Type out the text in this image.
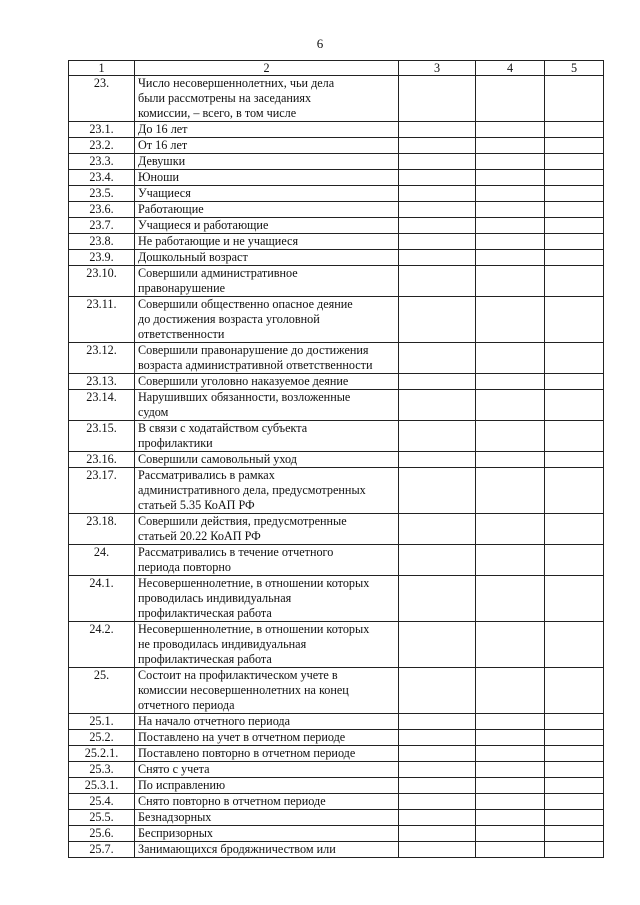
6
1	2	3	4	5
23.	Число несовершеннолетних, чьи дела
были рассмотрены на заседаниях
комиссии, – всего, в том числе			
23.1.	До 16 лет			
23.2.	От 16 лет			
23.3.	Девушки			
23.4.	Юноши			
23.5.	Учащиеся			
23.6.	Работающие			
23.7.	Учащиеся и работающие			
23.8.	Не работающие и не учащиеся			
23.9.	Дошкольный возраст			
23.10.	Совершили административное
правонарушение			
23.11.	Совершили общественно опасное деяние
до достижения возраста уголовной
ответственности			
23.12.	Совершили правонарушение до достижения
возраста административной ответственности			
23.13.	Совершили уголовно наказуемое деяние			
23.14.	Нарушивших обязанности, возложенные
судом			
23.15.	В связи с ходатайством субъекта
профилактики			
23.16.	Совершили самовольный уход			
23.17.	Рассматривались в рамках
административного дела, предусмотренных
статьей 5.35 КоАП РФ			
23.18.	Совершили действия, предусмотренные
статьей 20.22 КоАП РФ			
24.	Рассматривались в течение отчетного
периода повторно			
24.1.	Несовершеннолетние, в отношении которых
проводилась индивидуальная
профилактическая работа			
24.2.	Несовершеннолетние, в отношении которых
не проводилась индивидуальная
профилактическая работа			
25.	Состоит на профилактическом учете в
комиссии несовершеннолетних на конец
отчетного периода			
25.1.	На начало отчетного периода			
25.2.	Поставлено на учет в отчетном периоде			
25.2.1.	Поставлено повторно в отчетном периоде			
25.3.	Снято с учета			
25.3.1.	По исправлению			
25.4.	Снято повторно в отчетном периоде			
25.5.	Безнадзорных			
25.6.	Беспризорных			
25.7.	Занимающихся бродяжничеством или			
